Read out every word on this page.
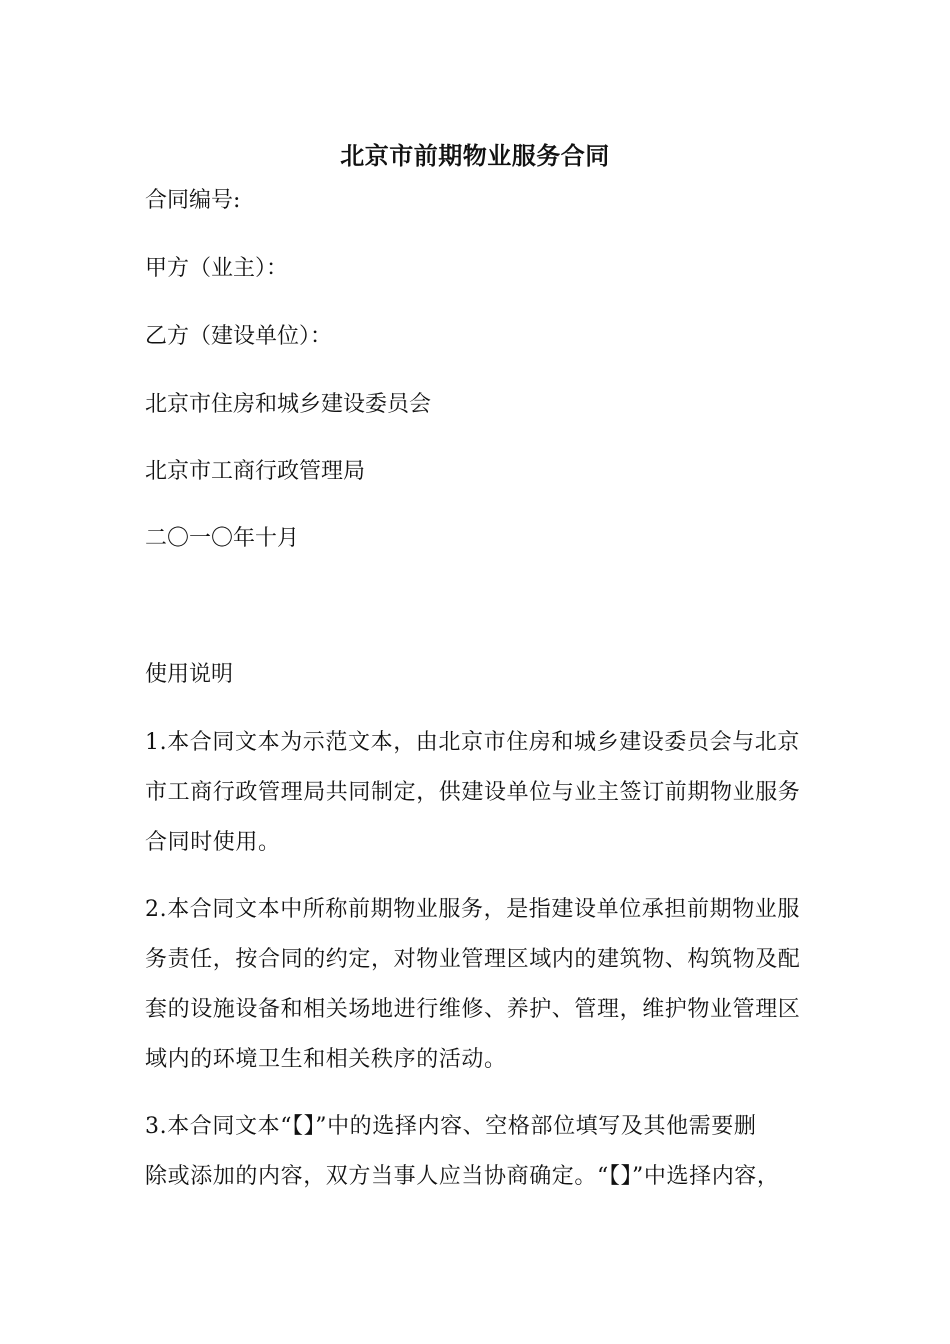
北京市前期物业服务合同
合同编号:
甲方（业主）：
乙方（建设单位）：
北京市住房和城乡建设委员会
北京市工商行政管理局
二〇一〇年十月
使用说明
1.本合同文本为示范文本，由北京市住房和城乡建设委员会与北京
市工商行政管理局共同制定，供建设单位与业主签订前期物业服务
合同时使用。
2.本合同文本中所称前期物业服务，是指建设单位承担前期物业服
务责任，按合同的约定，对物业管理区域内的建筑物、构筑物及配
套的设施设备和相关场地进行维修、养护、管理，维护物业管理区
域内的环境卫生和相关秩序的活动。
3.本合同文本“【】”中的选择内容、空格部位填写及其他需要删
除或添加的内容，双方当事人应当协商确定。“【】”中选择内容，
